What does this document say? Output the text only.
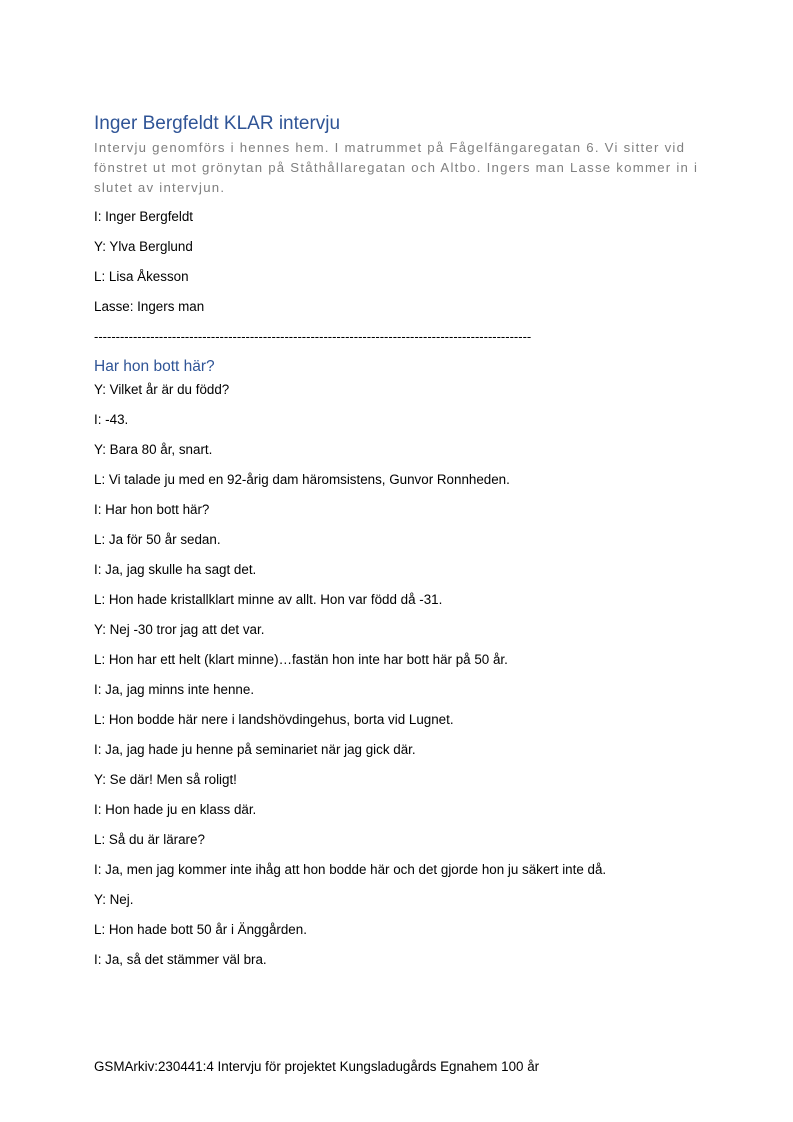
Inger Bergfeldt KLAR intervju

Intervju genomförs i hennes hem. I matrummet på Fågelfängaregatan 6. Vi sitter vid fönstret ut mot grönytan på Ståthållaregatan och Altbo. Ingers man Lasse kommer in i slutet av intervjun.

I: Inger Bergfeldt
Y: Ylva Berglund
L: Lisa Åkesson
Lasse: Ingers man
-----------------------------------------------------------------------------------------------------
Har hon bott här?
Y: Vilket år är du född?
I: -43.
Y: Bara 80 år, snart.
L: Vi talade ju med en 92-årig dam häromsistens, Gunvor Ronnheden.
I: Har hon bott här?
L: Ja för 50 år sedan.
I: Ja, jag skulle ha sagt det.
L: Hon hade kristallklart minne av allt. Hon var född då -31.
Y: Nej -30 tror jag att det var.
L: Hon har ett helt (klart minne)…fastän hon inte har bott här på 50 år.
I: Ja, jag minns inte henne.
L: Hon bodde här nere i landshövdingehus, borta vid Lugnet.
I: Ja, jag hade ju henne på seminariet när jag gick där.
Y: Se där! Men så roligt!
I: Hon hade ju en klass där.
L: Så du är lärare?
I: Ja, men jag kommer inte ihåg att hon bodde här och det gjorde hon ju säkert inte då.
Y: Nej.
L: Hon hade bott 50 år i Änggården.
I: Ja, så det stämmer väl bra.
GSMArkiv:230441:4 Intervju för projektet Kungsladugårds Egnahem 100 år
